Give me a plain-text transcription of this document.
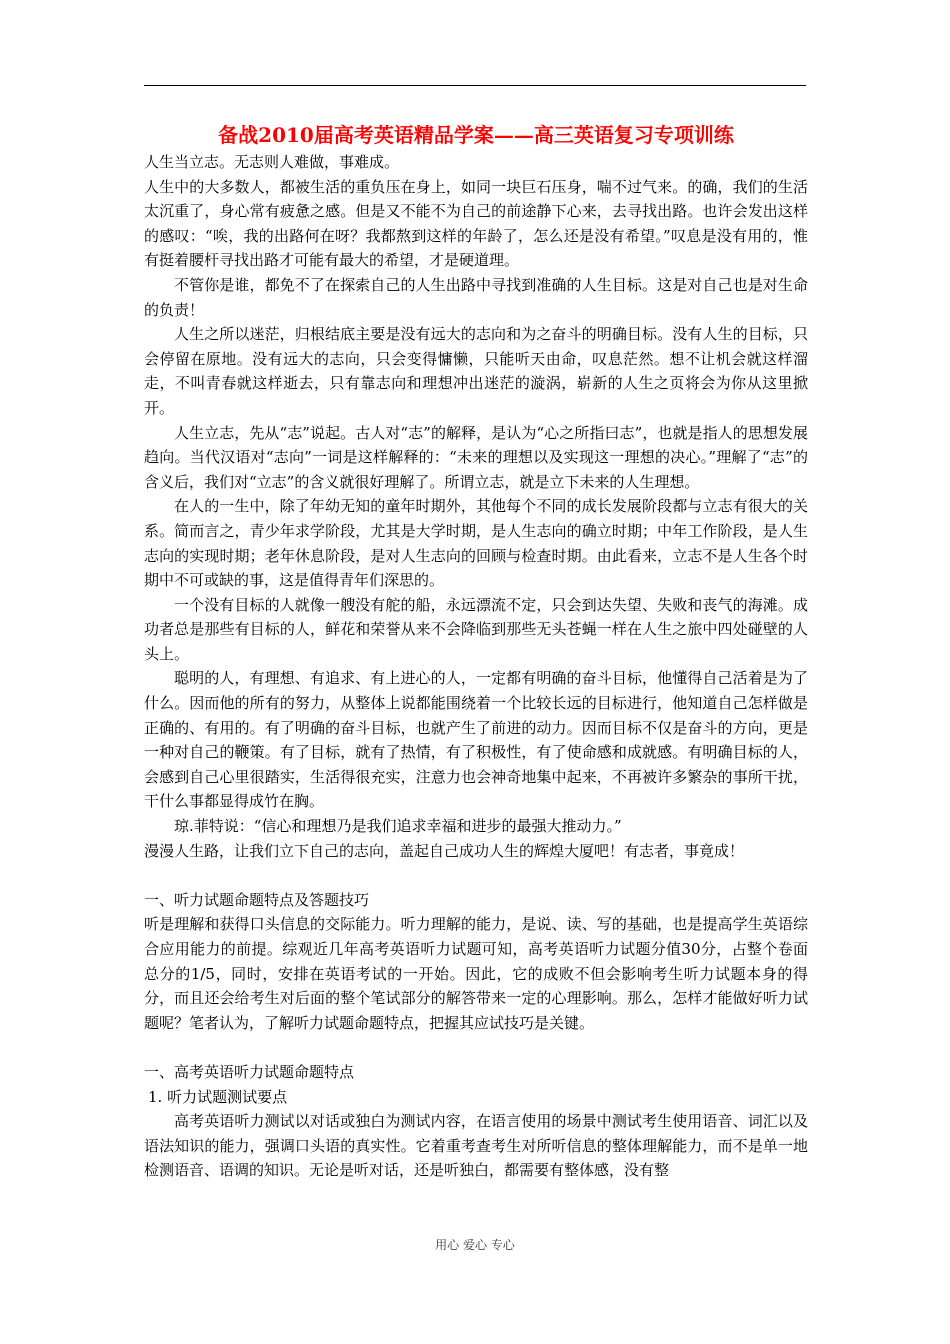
备战2010届高考英语精品学案——高三英语复习专项训练

人生当立志。无志则人难做，事难成。

人生中的大多数人，都被生活的重负压在身上，如同一块巨石压身，喘不过气来。的确，我们的生活太沉重了，身心常有疲惫之感。但是又不能不为自己的前途静下心来，去寻找出路。也许会发出这样的感叹：“唉，我的出路何在呀？我都熬到这样的年龄了，怎么还是没有希望。”叹息是没有用的，惟有挺着腰杆寻找出路才可能有最大的希望，才是硬道理。

不管你是谁，都免不了在探索自己的人生出路中寻找到准确的人生目标。这是对自己也是对生命的负责！

人生之所以迷茫，归根结底主要是没有远大的志向和为之奋斗的明确目标。没有人生的目标，只会停留在原地。没有远大的志向，只会变得慵懒，只能听天由命，叹息茫然。想不让机会就这样溜走，不叫青春就这样逝去，只有靠志向和理想冲出迷茫的漩涡，崭新的人生之页将会为你从这里掀开。

人生立志，先从“志”说起。古人对“志”的解释，是认为“心之所指曰志”，也就是指人的思想发展趋向。当代汉语对“志向”一词是这样解释的：“未来的理想以及实现这一理想的决心。”理解了“志”的含义后，我们对“立志”的含义就很好理解了。所谓立志，就是立下未来的人生理想。

在人的一生中，除了年幼无知的童年时期外，其他每个不同的成长发展阶段都与立志有很大的关系。简而言之，青少年求学阶段，尤其是大学时期，是人生志向的确立时期；中年工作阶段，是人生志向的实现时期；老年休息阶段，是对人生志向的回顾与检查时期。由此看来，立志不是人生各个时期中不可或缺的事，这是值得青年们深思的。

一个没有目标的人就像一艘没有舵的船，永远漂流不定，只会到达失望、失败和丧气的海滩。成功者总是那些有目标的人，鲜花和荣誉从来不会降临到那些无头苍蝇一样在人生之旅中四处碰壁的人头上。

聪明的人，有理想、有追求、有上进心的人，一定都有明确的奋斗目标，他懂得自己活着是为了什么。因而他的所有的努力，从整体上说都能围绕着一个比较长远的目标进行，他知道自己怎样做是正确的、有用的。有了明确的奋斗目标，也就产生了前进的动力。因而目标不仅是奋斗的方向，更是一种对自己的鞭策。有了目标，就有了热情，有了积极性，有了使命感和成就感。有明确目标的人，会感到自己心里很踏实，生活得很充实，注意力也会神奇地集中起来，不再被许多繁杂的事所干扰，干什么事都显得成竹在胸。

琼.菲特说：“信心和理想乃是我们追求幸福和进步的最强大推动力。”

漫漫人生路，让我们立下自己的志向，盖起自己成功人生的辉煌大厦吧！有志者，事竟成！

一、听力试题命题特点及答题技巧

听是理解和获得口头信息的交际能力。听力理解的能力，是说、读、写的基础，也是提高学生英语综合应用能力的前提。综观近几年高考英语听力试题可知，高考英语听力试题分值30分，占整个卷面总分的1/5，同时，安排在英语考试的一开始。因此，它的成败不但会影响考生听力试题本身的得分，而且还会给考生对后面的整个笔试部分的解答带来一定的心理影响。那么，怎样才能做好听力试题呢？笔者认为，了解听力试题命题特点，把握其应试技巧是关键。

一、高考英语听力试题命题特点

1. 听力试题测试要点

高考英语听力测试以对话或独白为测试内容，在语言使用的场景中测试考生使用语音、词汇以及语法知识的能力，强调口头语的真实性。它着重考查考生对所听信息的整体理解能力，而不是单一地检测语音、语调的知识。无论是听对话，还是听独白，都需要有整体感，没有整

用心 爱心 专心
